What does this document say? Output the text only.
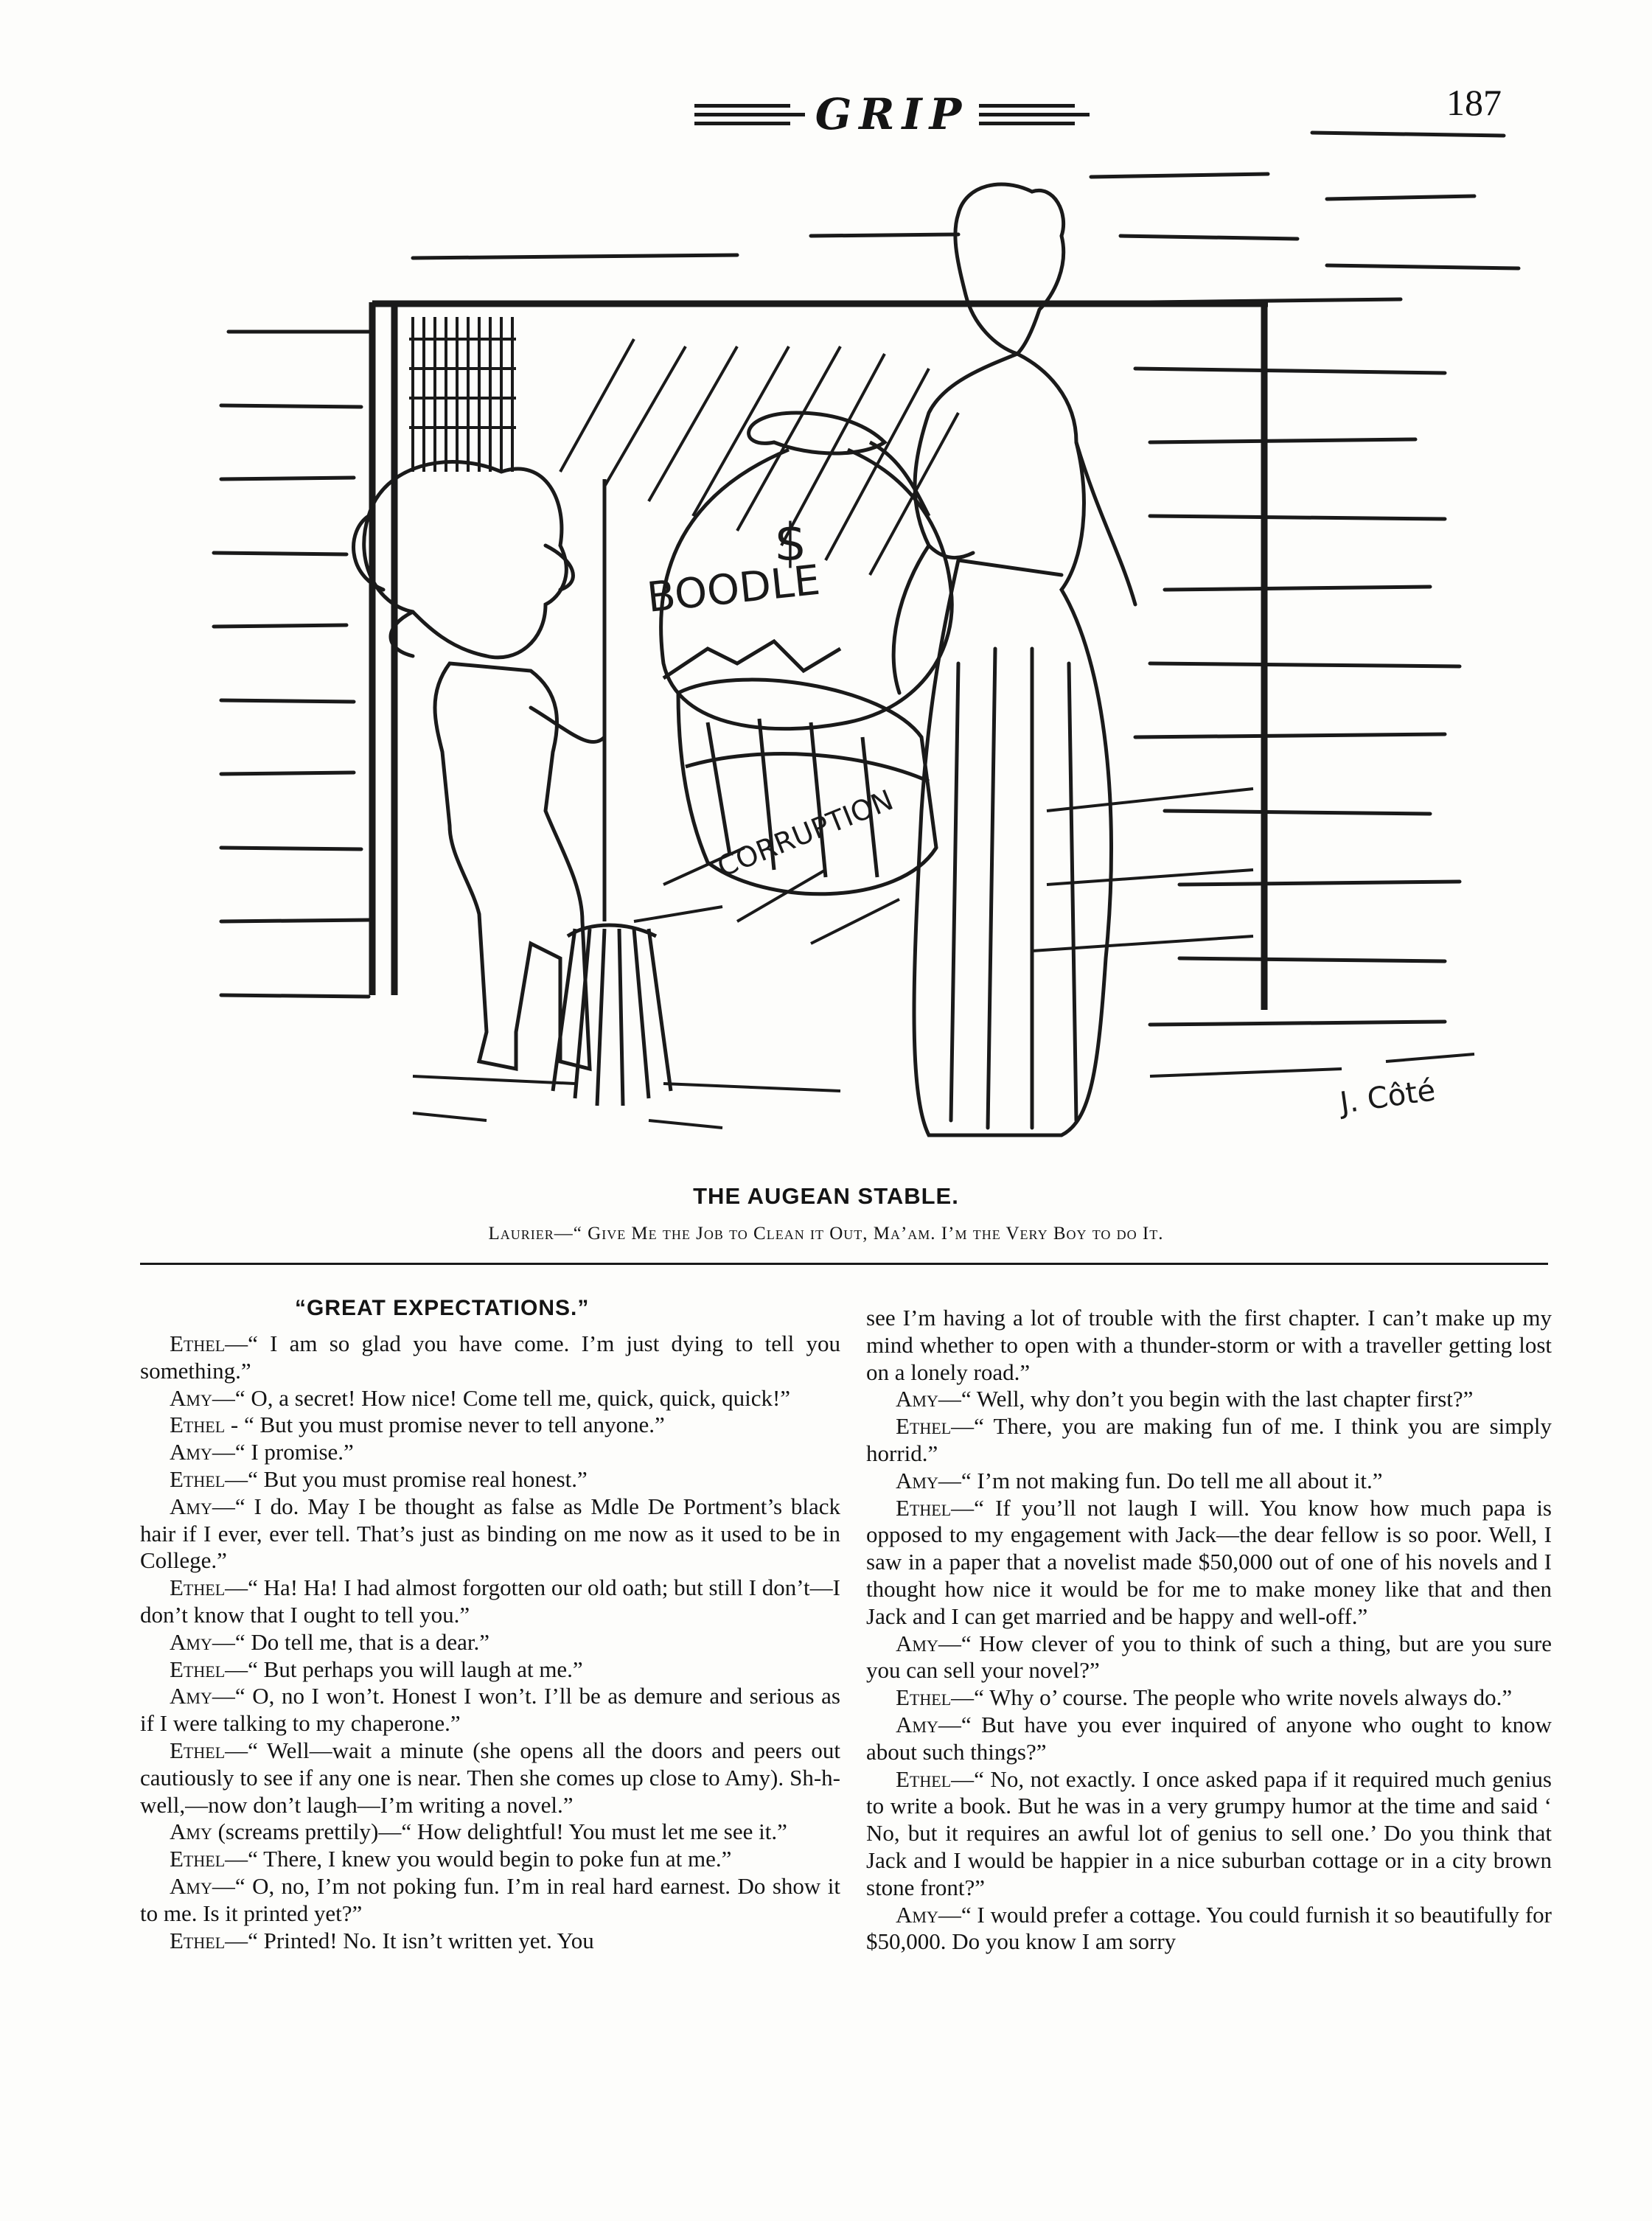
GRIP	187
$
BOODLE
CORRUPTION
J. Côté
THE AUGEAN STABLE.
Laurier—“ Give Me the Job to Clean it Out, Ma’am. I’m the Very Boy to do It.
“GREAT EXPECTATIONS.”

Ethel—“ I am so glad you have come. I’m just dying to tell you something.”

Amy—“ O, a secret! How nice! Come tell me, quick, quick, quick!”

Ethel - “ But you must promise never to tell anyone.”

Amy—“ I promise.”

Ethel—“ But you must promise real honest.”

Amy—“ I do. May I be thought as false as Mdle De Portment’s black hair if I ever, ever tell. That’s just as binding on me now as it used to be in College.”

Ethel—“ Ha! Ha! I had almost forgotten our old oath; but still I don’t—I don’t know that I ought to tell you.”

Amy—“ Do tell me, that is a dear.”

Ethel—“ But perhaps you will laugh at me.”

Amy—“ O, no I won’t. Honest I won’t. I’ll be as demure and serious as if I were talking to my chaperone.”

Ethel—“ Well—wait a minute (she opens all the doors and peers out cautiously to see if any one is near. Then she comes up close to Amy). Sh-h-well,—now don’t laugh—I’m writing a novel.”

Amy (screams prettily)—“ How delightful! You must let me see it.”

Ethel—“ There, I knew you would begin to poke fun at me.”

Amy—“ O, no, I’m not poking fun. I’m in real hard earnest. Do show it to me. Is it printed yet?”

Ethel—“ Printed! No. It isn’t written yet. You

see I’m having a lot of trouble with the first chapter. I can’t make up my mind whether to open with a thunder-storm or with a traveller getting lost on a lonely road.”

Amy—“ Well, why don’t you begin with the last chapter first?”

Ethel—“ There, you are making fun of me. I think you are simply horrid.”

Amy—“ I’m not making fun. Do tell me all about it.”

Ethel—“ If you’ll not laugh I will. You know how much papa is opposed to my engagement with Jack—the dear fellow is so poor. Well, I saw in a paper that a novelist made $50,000 out of one of his novels and I thought how nice it would be for me to make money like that and then Jack and I can get married and be happy and well-off.”

Amy—“ How clever of you to think of such a thing, but are you sure you can sell your novel?”

Ethel—“ Why o’ course. The people who write novels always do.”

Amy—“ But have you ever inquired of anyone who ought to know about such things?”

Ethel—“ No, not exactly. I once asked papa if it required much genius to write a book. But he was in a very grumpy humor at the time and said ‘ No, but it requires an awful lot of genius to sell one.’ Do you think that Jack and I would be happier in a nice suburban cottage or in a city brown stone front?”

Amy—“ I would prefer a cottage. You could furnish it so beautifully for $50,000. Do you know I am sorry
